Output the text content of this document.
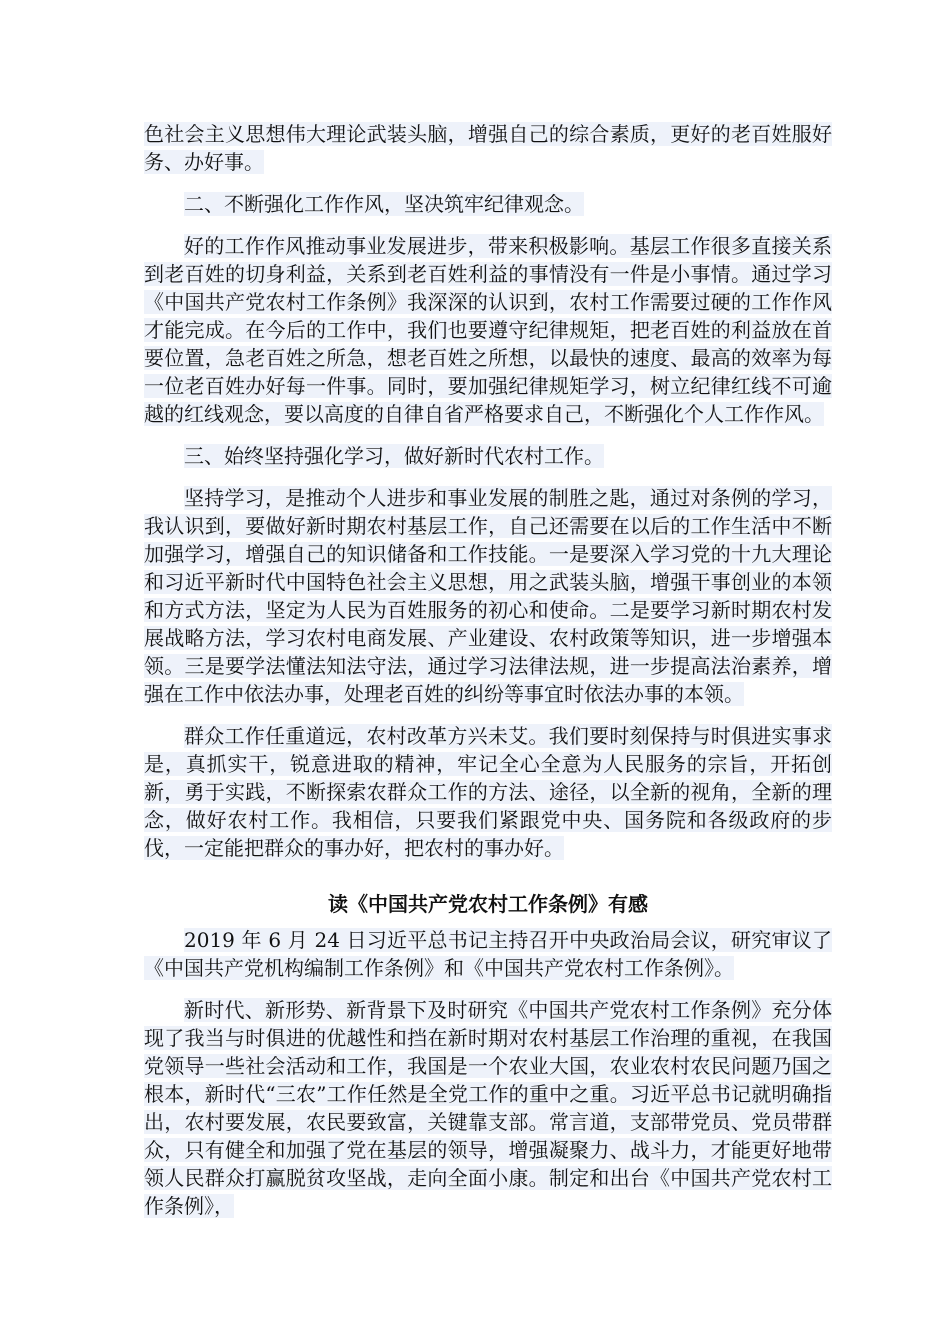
色社会主义思想伟大理论武装头脑，增强自己的综合素质，更好的老百姓服好务、办好事。

二、不断强化工作作风，坚决筑牢纪律观念。

好的工作作风推动事业发展进步，带来积极影响。基层工作很多直接关系到老百姓的切身利益，关系到老百姓利益的事情没有一件是小事情。通过学习《中国共产党农村工作条例》我深深的认识到，农村工作需要过硬的工作作风才能完成。在今后的工作中，我们也要遵守纪律规矩，把老百姓的利益放在首要位置，急老百姓之所急，想老百姓之所想，以最快的速度、最高的效率为每一位老百姓办好每一件事。同时，要加强纪律规矩学习，树立纪律红线不可逾越的红线观念，要以高度的自律自省严格要求自己，不断强化个人工作作风。

三、始终坚持强化学习，做好新时代农村工作。

坚持学习，是推动个人进步和事业发展的制胜之匙，通过对条例的学习，我认识到，要做好新时期农村基层工作，自己还需要在以后的工作生活中不断加强学习，增强自己的知识储备和工作技能。一是要深入学习党的十九大理论和习近平新时代中国特色社会主义思想，用之武装头脑，增强干事创业的本领和方式方法，坚定为人民为百姓服务的初心和使命。二是要学习新时期农村发展战略方法，学习农村电商发展、产业建设、农村政策等知识，进一步增强本领。三是要学法懂法知法守法，通过学习法律法规，进一步提高法治素养，增强在工作中依法办事，处理老百姓的纠纷等事宜时依法办事的本领。

群众工作任重道远，农村改革方兴未艾。我们要时刻保持与时俱进实事求是，真抓实干，锐意进取的精神，牢记全心全意为人民服务的宗旨，开拓创新，勇于实践，不断探索农群众工作的方法、途径，以全新的视角，全新的理念，做好农村工作。我相信，只要我们紧跟党中央、国务院和各级政府的步伐，一定能把群众的事办好，把农村的事办好。

读《中国共产党农村工作条例》有感

2019 年 6 月 24 日习近平总书记主持召开中央政治局会议，研究审议了《中国共产党机构编制工作条例》和《中国共产党农村工作条例》。

新时代、新形势、新背景下及时研究《中国共产党农村工作条例》充分体现了我当与时俱进的优越性和挡在新时期对农村基层工作治理的重视，在我国党领导一些社会活动和工作，我国是一个农业大国，农业农村农民问题乃国之根本，新时代“三农”工作任然是全党工作的重中之重。习近平总书记就明确指出，农村要发展，农民要致富，关键靠支部。常言道，支部带党员、党员带群众，只有健全和加强了党在基层的领导，增强凝聚力、战斗力，才能更好地带领人民群众打赢脱贫攻坚战，走向全面小康。制定和出台《中国共产党农村工作条例》，
